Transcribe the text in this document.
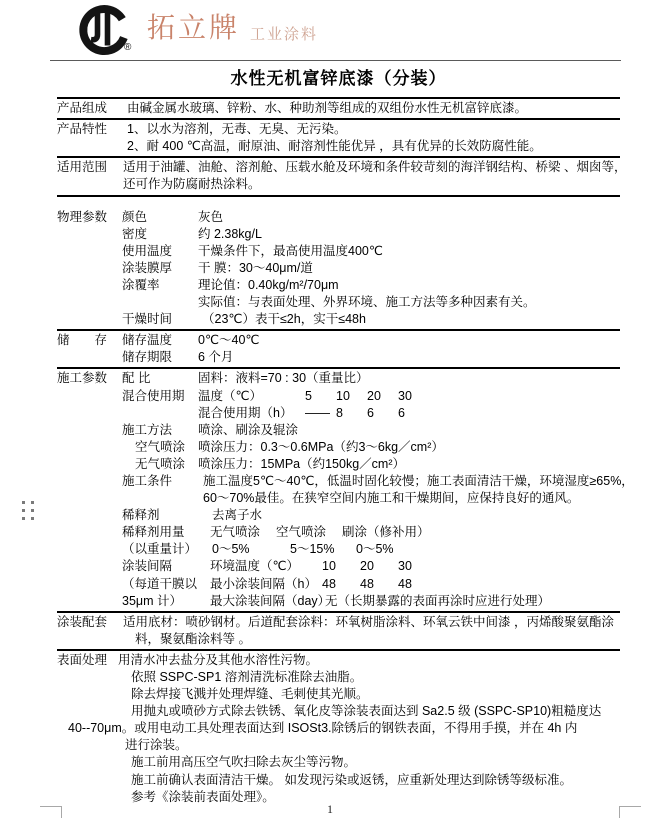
®
拓立牌 工业涂料
水性无机富锌底漆（分装）
产品组成	由碱金属水玻璃、锌粉、水、种助剂等组成的双组份水性无机富锌底漆。
产品特性	1、以水为溶剂，无毒、无臭、无污染。
2、耐 400 ℃高温，耐原油、耐溶剂性能优异 ，具有优异的长效防腐性能。
适用范围	适用于油罐、油舱、溶剂舱、压载水舱及环境和条件较苛刻的海洋钢结构、桥梁 、烟囱等，
还可作为防腐耐热涂料。
物理参数	颜色	灰色
密度	约 2.38kg/L
使用温度	干燥条件下，最高使用温度400℃
涂装膜厚	干 膜：30～40μm/道
涂覆率	理论值：0.40kg/m²/70μm
实际值：与表面处理、外界环境、施工方法等多种因素有关。
干燥时间	（23℃）表干≤2h，实干≤48h
储　　存	储存温度	0℃～40℃
储存期限	6 个月
施工参数	配 比	固料：液料=70 : 30（重量比）
混合使用期	温度（℃）	5 10 20 30
混合使用期（h） —— 8 6 6
施工方法	喷涂、刷涂及辊涂
空气喷涂	喷涂压力：0.3～0.6MPa（约3～6kg／cm²）
无气喷涂	喷涂压力：15MPa（约150kg／cm²）
施工条件	施工温度5℃～40℃，低温时固化较慢；施工表面清洁干燥，环境湿度≥65%，
60～70%最佳。在狭窄空间内施工和干燥期间，应保持良好的通风。
稀释剂	去离子水
稀释剂用量
（以重量计）
无气喷涂 空气喷涂 刷涂（修补用）
0～5%	5～15% 0～5%
涂装间隔
（每道干膜以
35μm 计）
环境温度（℃） 10 20 30
最小涂装间隔（h） 48 48 48
最大涂装间隔（day）无（长期暴露的表面再涂时应进行处理）
涂装配套	适用底材：喷砂钢材。后道配套涂料：环氧树脂涂料、环氧云铁中间漆 ，丙烯酸聚氨酯涂
料，聚氨酯涂料等 。
表面处理 用清水冲去盐分及其他水溶性污物。
依照 SSPC-SP1 溶剂清洗标准除去油脂。
除去焊接飞溅并处理焊缝、毛刺使其光顺。
用抛丸或喷砂方式除去铁锈、氧化皮等涂装表面达到 Sa2.5 级 (SSPC-SP10)粗糙度达
40--70μm。或用电动工具处理表面达到 ISOSt3.除锈后的钢铁表面，不得用手摸，并在 4h 内
进行涂装。
施工前用高压空气吹扫除去灰尘等污物。
施工前确认表面清洁干燥。 如发现污染或返锈，应重新处理达到除锈等级标准。
参考《涂装前表面处理》。
1
